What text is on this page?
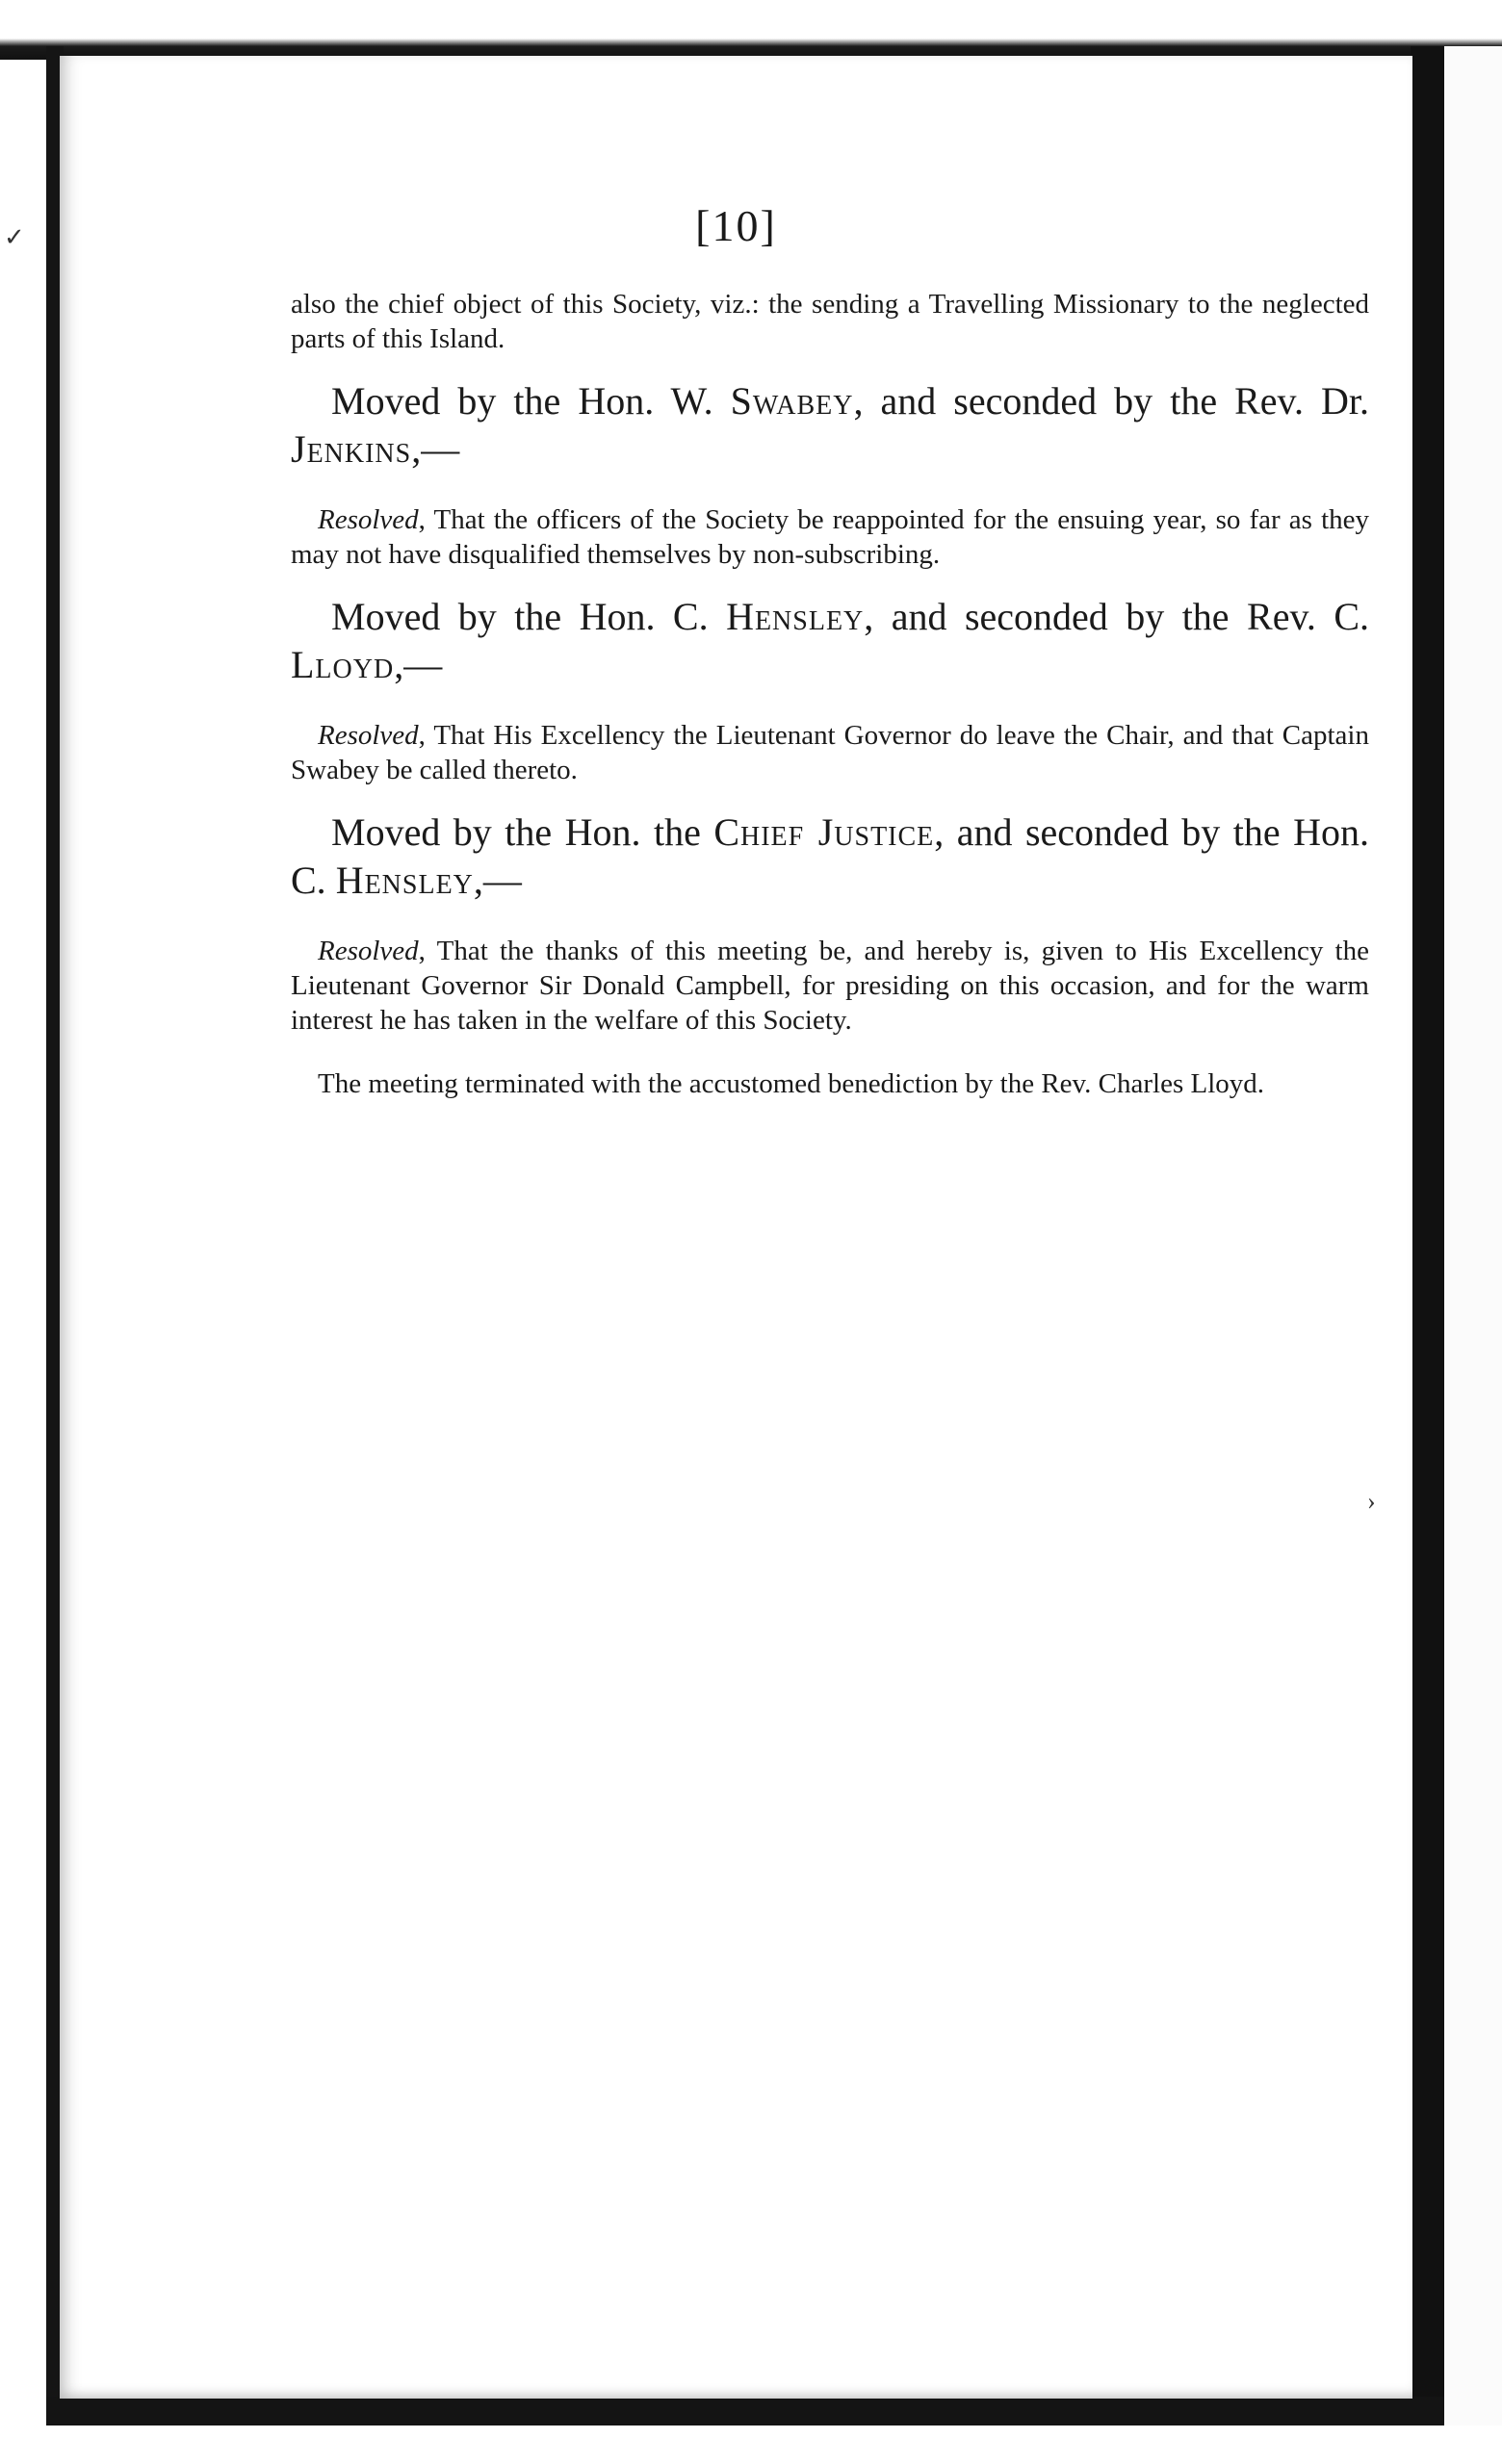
[10]

also the chief object of this Society, viz.: the sending a Travelling Missionary to the neglected parts of this Island.

Moved by the Hon. W. Swabey, and seconded by the Rev. Dr. Jenkins,—

Resolved, That the officers of the Society be reappointed for the ensuing year, so far as they may not have disqualified themselves by non-subscribing.

Moved by the Hon. C. Hensley, and seconded by the Rev. C. Lloyd,—

Resolved, That His Excellency the Lieutenant Governor do leave the Chair, and that Captain Swabey be called thereto.

Moved by the Hon. the Chief Justice, and seconded by the Hon. C. Hensley,—

Resolved, That the thanks of this meeting be, and hereby is, given to His Excellency the Lieutenant Governor Sir Donald Campbell, for presiding on this occasion, and for the warm interest he has taken in the welfare of this Society.

The meeting terminated with the accustomed benediction by the Rev. Charles Lloyd.

✓
›
